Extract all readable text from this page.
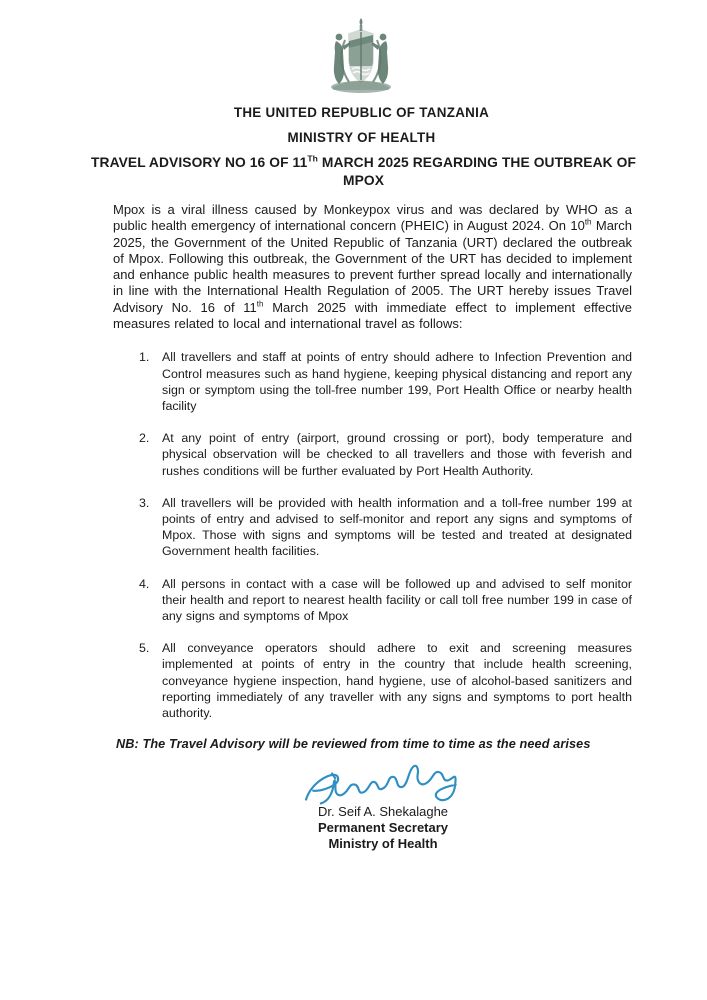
THE UNITED REPUBLIC OF TANZANIA
MINISTRY OF HEALTH
TRAVEL ADVISORY NO 16 OF 11Th MARCH 2025 REGARDING THE OUTBREAK OF MPOX
Mpox is a viral illness caused by Monkeypox virus and was declared by WHO as a public health emergency of international concern (PHEIC) in August 2024. On 10th March 2025, the Government of the United Republic of Tanzania (URT) declared the outbreak of Mpox. Following this outbreak, the Government of the URT has decided to implement and enhance public health measures to prevent further spread locally and internationally in line with the International Health Regulation of 2005. The URT hereby issues Travel Advisory No. 16 of 11th March 2025 with immediate effect to implement effective measures related to local and international travel as follows:
1.	All travellers and staff at points of entry should adhere to Infection Prevention and Control measures such as hand hygiene, keeping physical distancing and report any sign or symptom using the toll-free number 199, Port Health Office or nearby health facility
2.	At any point of entry (airport, ground crossing or port), body temperature and physical observation will be checked to all travellers and those with feverish and rushes conditions will be further evaluated by Port Health Authority.
3.	All travellers will be provided with health information and a toll-free number 199 at points of entry and advised to self-monitor and report any signs and symptoms of Mpox. Those with signs and symptoms will be tested and treated at designated Government health facilities.
4.	All persons in contact with a case will be followed up and advised to self monitor their health and report to nearest health facility or call toll free number 199 in case of any signs and symptoms of Mpox
5.	All conveyance operators should adhere to exit and screening measures implemented at points of entry in the country that include health screening, conveyance hygiene inspection, hand hygiene, use of alcohol-based sanitizers and reporting immediately of any traveller with any signs and symptoms to port health authority.
NB: The Travel Advisory will be reviewed from time to time as the need arises
Dr. Seif A. Shekalaghe
Permanent Secretary
Ministry of Health
